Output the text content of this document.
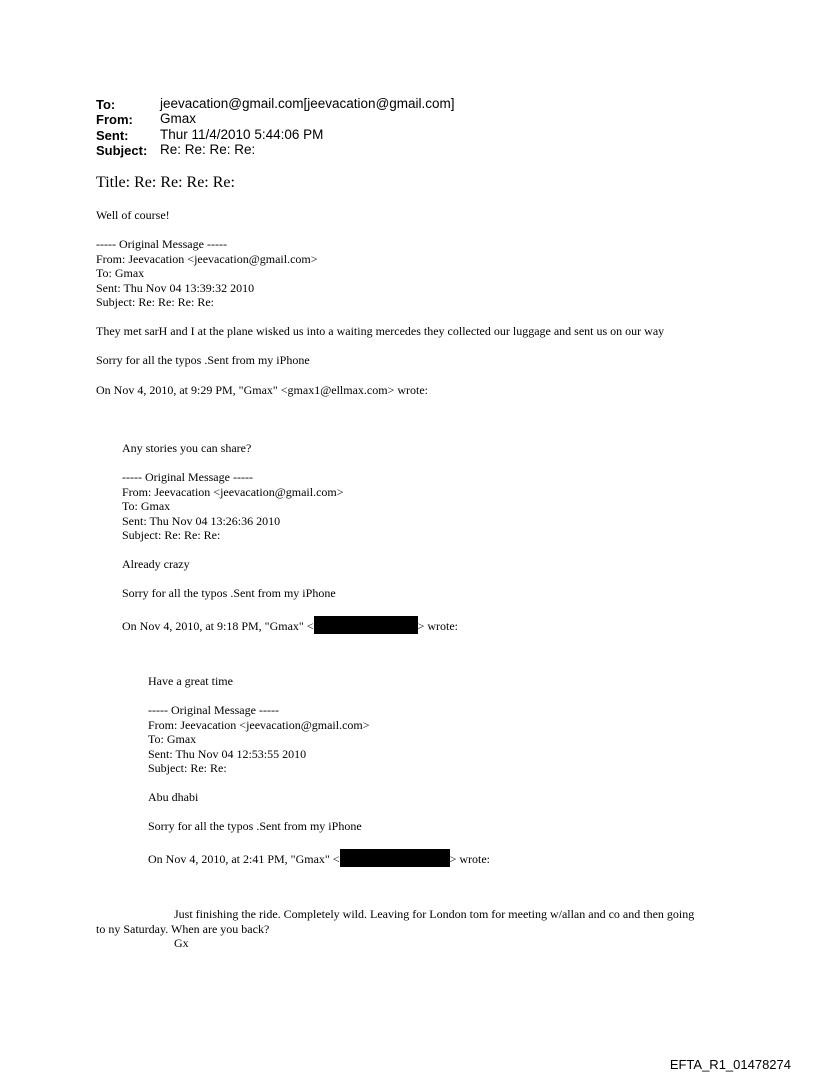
To:	jeevacation@gmail.com[jeevacation@gmail.com]
From: Gmax
Sent: Thur 11/4/2010 5:44:06 PM
Subject: Re: Re: Re: Re:
Title: Re: Re: Re: Re:
Well of course!
----- Original Message -----
From: Jeevacation <jeevacation@gmail.com>
To: Gmax
Sent: Thu Nov 04 13:39:32 2010
Subject: Re: Re: Re: Re:
They met sarH and I at the plane wisked us into a waiting mercedes they collected our luggage and sent us on our way
Sorry for all the typos .Sent from my iPhone
On Nov 4, 2010, at 9:29 PM, "Gmax" <gmax1@ellmax.com> wrote:
Any stories you can share?
----- Original Message -----
From: Jeevacation <jeevacation@gmail.com>
To: Gmax
Sent: Thu Nov 04 13:26:36 2010
Subject: Re: Re: Re:
Already crazy
Sorry for all the typos .Sent from my iPhone
On Nov 4, 2010, at 9:18 PM, "Gmax" <	> wrote:
Have a great time
----- Original Message -----
From: Jeevacation <jeevacation@gmail.com>
To: Gmax
Sent: Thu Nov 04 12:53:55 2010
Subject: Re: Re:
Abu dhabi
Sorry for all the typos .Sent from my iPhone
On Nov 4, 2010, at 2:41 PM, "Gmax" <	> wrote:
Just finishing the ride. Completely wild. Leaving for London tom for meeting w/allan and co and then going
to ny Saturday. When are you back?
Gx
EFTA_R1_01478274
